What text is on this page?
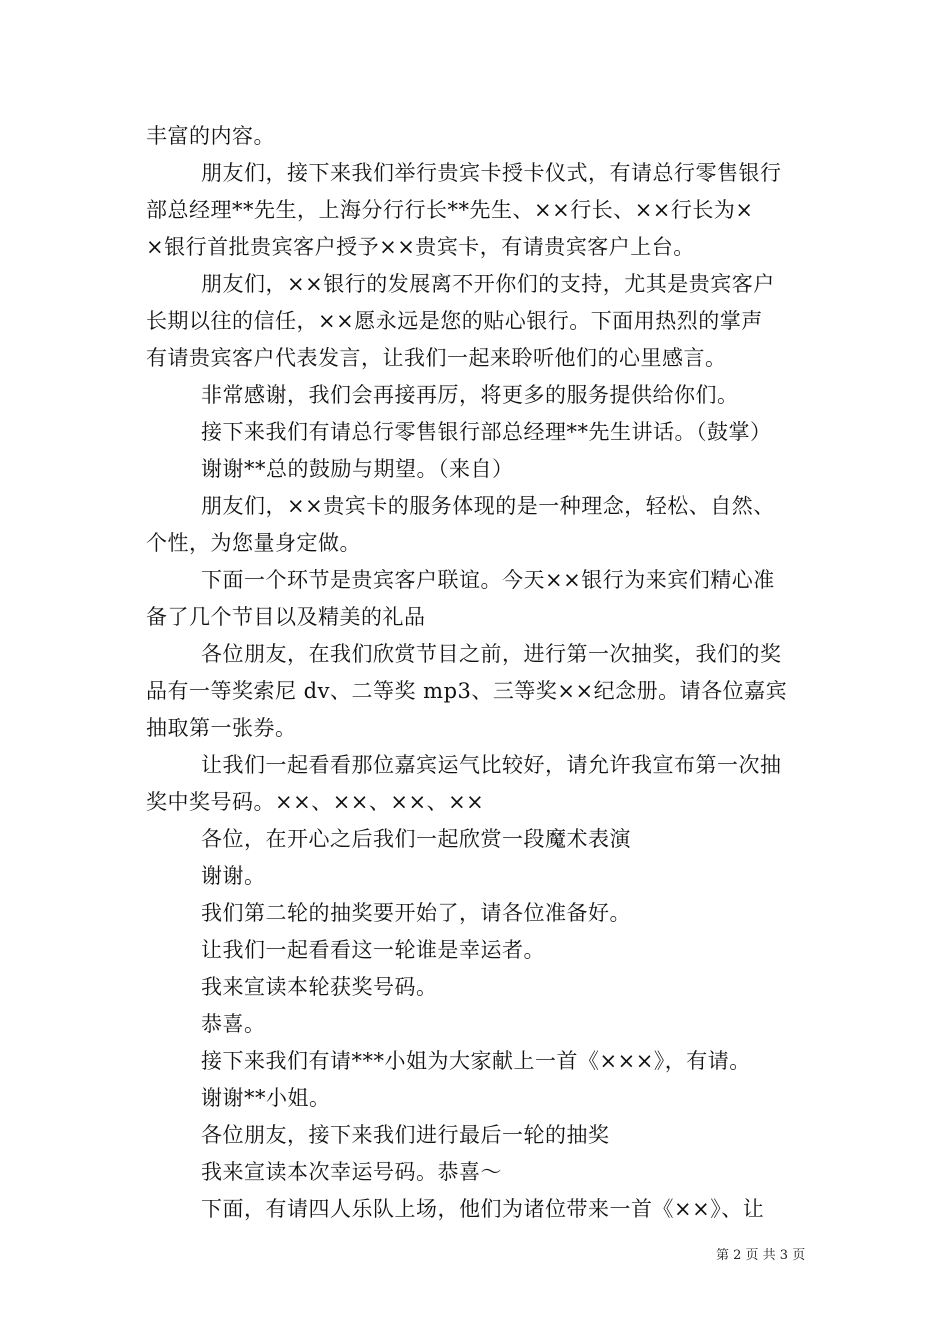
丰富的内容。
朋友们，接下来我们举行贵宾卡授卡仪式，有请总行零售银行
部总经理**先生，上海分行行长**先生、××行长、××行长为×
×银行首批贵宾客户授予××贵宾卡，有请贵宾客户上台。
朋友们，××银行的发展离不开你们的支持，尤其是贵宾客户
长期以往的信任，××愿永远是您的贴心银行。下面用热烈的掌声
有请贵宾客户代表发言，让我们一起来聆听他们的心里感言。
非常感谢，我们会再接再厉，将更多的服务提供给你们。
接下来我们有请总行零售银行部总经理**先生讲话。（鼓掌）
谢谢**总的鼓励与期望。（来自）
朋友们，××贵宾卡的服务体现的是一种理念，轻松、自然、
个性，为您量身定做。
下面一个环节是贵宾客户联谊。今天××银行为来宾们精心准
备了几个节目以及精美的礼品
各位朋友，在我们欣赏节目之前，进行第一次抽奖，我们的奖
品有一等奖索尼 dv、二等奖 mp3、三等奖××纪念册。请各位嘉宾
抽取第一张券。
让我们一起看看那位嘉宾运气比较好，请允许我宣布第一次抽
奖中奖号码。××、××、××、××
各位，在开心之后我们一起欣赏一段魔术表演
谢谢。
我们第二轮的抽奖要开始了，请各位准备好。
让我们一起看看这一轮谁是幸运者。
我来宣读本轮获奖号码。
恭喜。
接下来我们有请***小姐为大家献上一首《×××》，有请。
谢谢**小姐。
各位朋友，接下来我们进行最后一轮的抽奖
我来宣读本次幸运号码。恭喜～
下面，有请四人乐队上场，他们为诸位带来一首《××》、让
第 2 页 共 3 页
